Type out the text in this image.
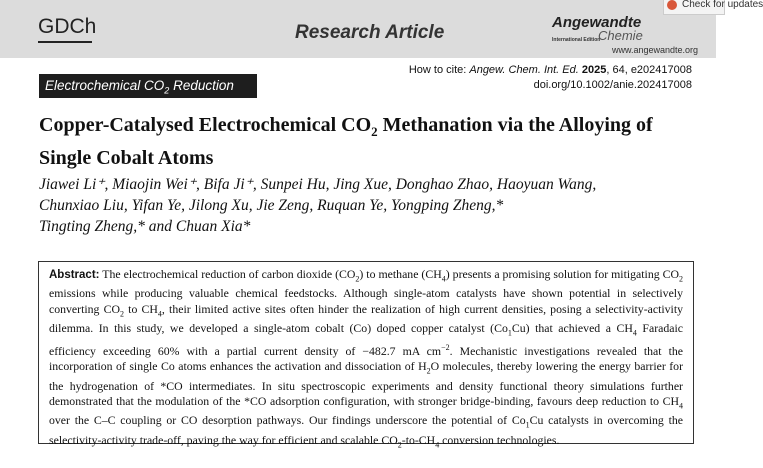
GDCh	Research Article	Angewandte
International Edition
Chemie
www.angewandte.org
Check for updates
How to cite: Angew. Chem. Int. Ed. 2025, 64, e202417008
doi.org/10.1002/anie.202417008
Electrochemical $CO_2$ Reduction
Copper-Catalysed Electrochemical $CO_2$ Methanation via the Alloying of Single Cobalt Atoms
Jiawei Li⁺, Miaojin Wei⁺, Bifa Ji⁺, Sunpei Hu, Jing Xue, Donghao Zhao, Haoyuan Wang,
Chunxiao Liu, Yifan Ye, Jilong Xu, Jie Zeng, Ruquan Ye, Yongping Zheng,*
Tingting Zheng,* and Chuan Xia*
Abstract: The electrochemical reduction of carbon dioxide $(CO_2)$ to methane $(CH_4)$ presents a promising solution for mitigating $CO_2$ emissions while producing valuable chemical feedstocks. Although single-atom catalysts have shown potential in selectively converting $CO_2$ to $CH_4$, their limited active sites often hinder the realization of high current densities, posing a selectivity-activity dilemma. In this study, we developed a single-atom cobalt (Co) doped copper catalyst $(Co_1Cu)$ that achieved a $CH_4$ Faradaic efficiency exceeding 60% with a partial current density of −482.7 mA $cm^{-2}$. Mechanistic investigations revealed that the incorporation of single Co atoms enhances the activation and dissociation of $H_2O$ molecules, thereby lowering the energy barrier for the hydrogenation of *CO intermediates. In situ spectroscopic experiments and density functional theory simulations further demonstrated that the modulation of the *CO adsorption configuration, with stronger bridge-binding, favours deep reduction to $CH_4$ over the C–C coupling or CO desorption pathways. Our findings underscore the potential of $Co_1Cu$ catalysts in overcoming the selectivity-activity trade-off, paving the way for efficient and scalable $CO_2-to-CH_4$ conversion technologies.
